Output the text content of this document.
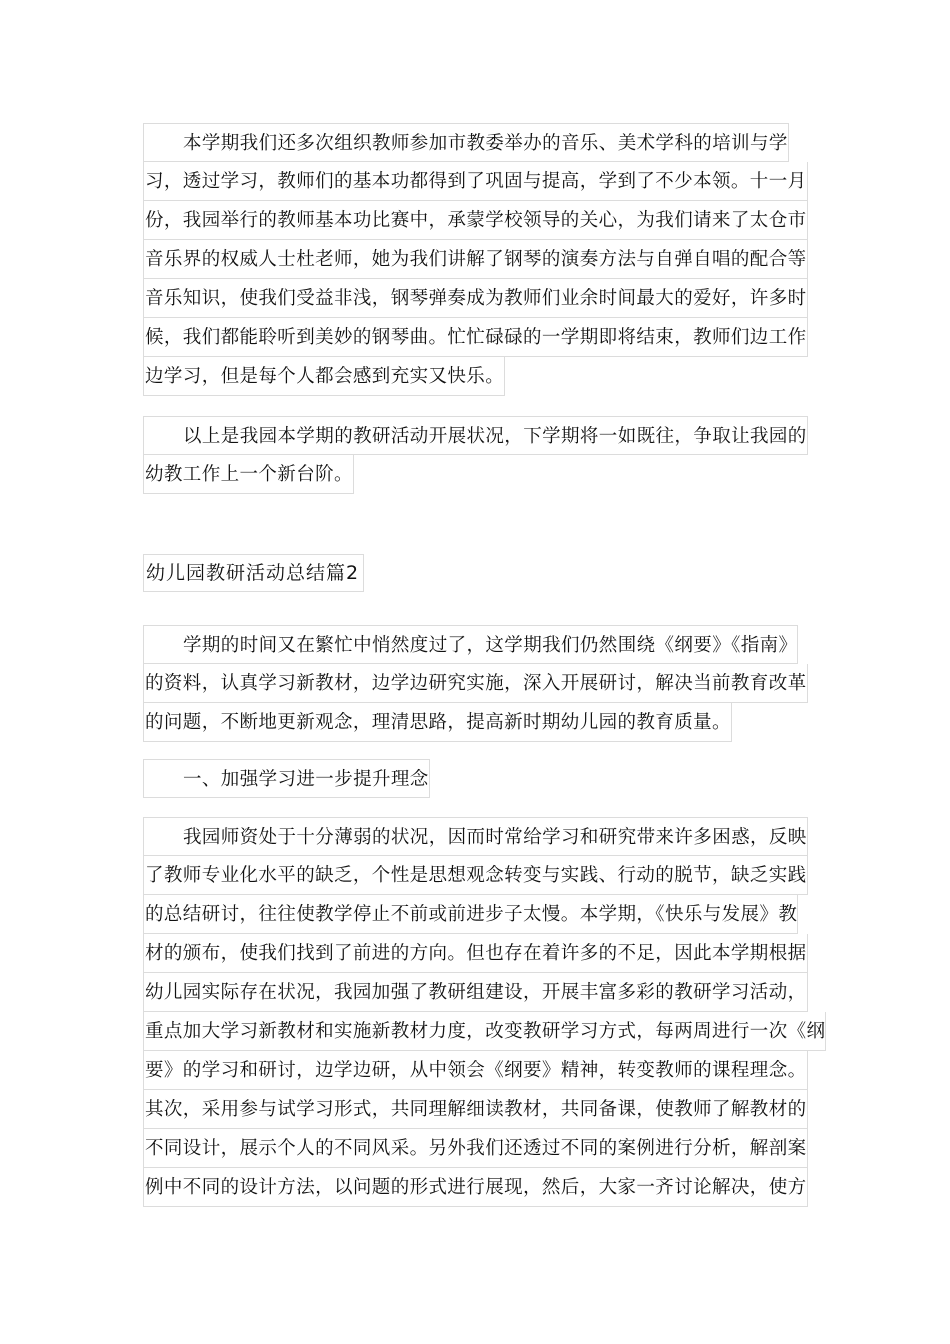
本学期我们还多次组织教师参加市教委举办的音乐、美术学科的培训与学
习，透过学习，教师们的基本功都得到了巩固与提高，学到了不少本领。十一月
份，我园举行的教师基本功比赛中，承蒙学校领导的关心，为我们请来了太仓市
音乐界的权威人士杜老师，她为我们讲解了钢琴的演奏方法与自弹自唱的配合等
音乐知识，使我们受益非浅，钢琴弹奏成为教师们业余时间最大的爱好，许多时
候，我们都能聆听到美妙的钢琴曲。忙忙碌碌的一学期即将结束，教师们边工作
边学习，但是每个人都会感到充实又快乐。
以上是我园本学期的教研活动开展状况，下学期将一如既往，争取让我园的
幼教工作上一个新台阶。
幼儿园教研活动总结篇2
学期的时间又在繁忙中悄然度过了，这学期我们仍然围绕《纲要》《指南》
的资料，认真学习新教材，边学边研究实施，深入开展研讨，解决当前教育改革
的问题，不断地更新观念，理清思路，提高新时期幼儿园的教育质量。
一、加强学习进一步提升理念
我园师资处于十分薄弱的状况，因而时常给学习和研究带来许多困惑，反映
了教师专业化水平的缺乏，个性是思想观念转变与实践、行动的脱节，缺乏实践
的总结研讨，往往使教学停止不前或前进步子太慢。本学期，《快乐与发展》教
材的颁布，使我们找到了前进的方向。但也存在着许多的不足，因此本学期根据
幼儿园实际存在状况，我园加强了教研组建设，开展丰富多彩的教研学习活动，
重点加大学习新教材和实施新教材力度，改变教研学习方式，每两周进行一次《纲
要》的学习和研讨，边学边研，从中领会《纲要》精神，转变教师的课程理念。
其次，采用参与试学习形式，共同理解细读教材，共同备课，使教师了解教材的
不同设计，展示个人的不同风采。另外我们还透过不同的案例进行分析，解剖案
例中不同的设计方法，以问题的形式进行展现，然后，大家一齐讨论解决，使方
